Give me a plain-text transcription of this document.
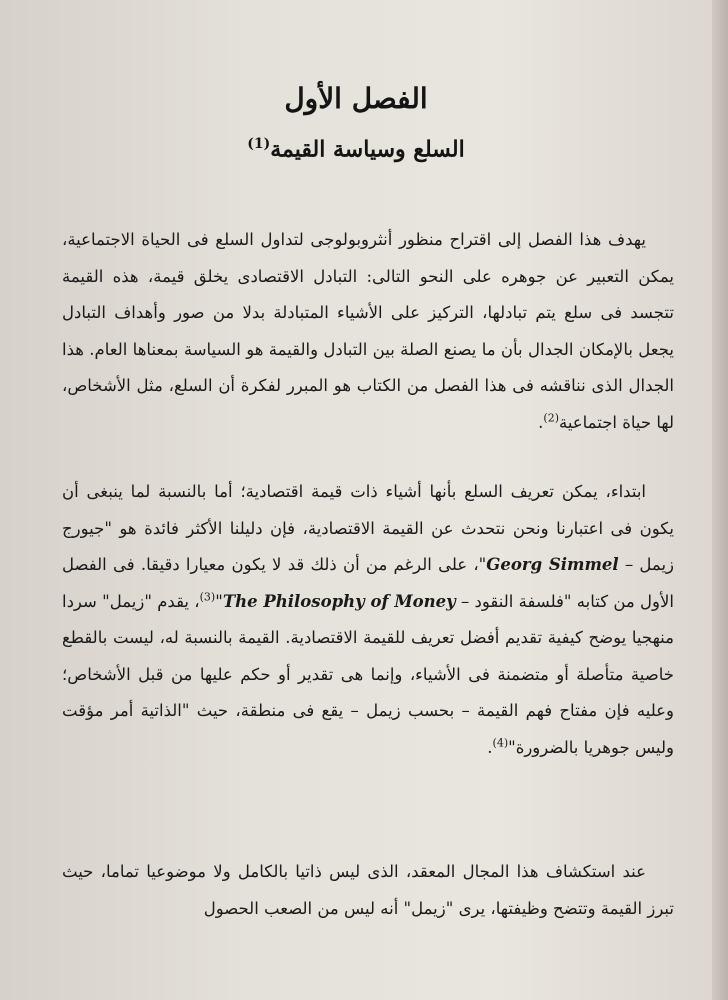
الفصل الأول
السلع وسياسة القيمة$^{(1)}$

يهدف هذا الفصل إلى اقتراح منظور أنثروبولوجى لتداول السلع فى الحياة الاجتماعية، يمكن التعبير عن جوهره على النحو التالى: التبادل الاقتصادى يخلق قيمة، هذه القيمة تتجسد فى سلع يتم تبادلها، التركيز على الأشياء المتبادلة بدلا من صور وأهداف التبادل يجعل بالإمكان الجدال بأن ما يصنع الصلة بين التبادل والقيمة هو السياسة بمعناها العام. هذا الجدال الذى نناقشه فى هذا الفصل من الكتاب هو المبرر لفكرة أن السلع، مثل الأشخاص، لها حياة اجتماعية$^{(2)}$.

ابتداء، يمكن تعريف السلع بأنها أشياء ذات قيمة اقتصادية؛ أما بالنسبة لما ينبغى أن يكون فى اعتبارنا ونحن نتحدث عن القيمة الاقتصادية، فإن دليلنا الأكثر فائدة هو "جيورج زيمل – Georg Simmel"، على الرغم من أن ذلك قد لا يكون معيارا دقيقا. فى الفصل الأول من كتابه "فلسفة النقود – The Philosophy of Money"$^{(3)}$، يقدم "زيمل" سردا منهجيا يوضح كيفية تقديم أفضل تعريف للقيمة الاقتصادية. القيمة بالنسبة له، ليست بالقطع خاصية متأصلة أو متضمنة فى الأشياء، وإنما هى تقدير أو حكم عليها من قبل الأشخاص؛ وعليه فإن مفتاح فهم القيمة – بحسب زيمل – يقع فى منطقة، حيث "الذاتية أمر مؤقت وليس جوهريا بالضرورة"$^{(4)}$.

عند استكشاف هذا المجال المعقد، الذى ليس ذاتيا بالكامل ولا موضوعيا تماما، حيث تبرز القيمة وتتضح وظيفتها، يرى "زيمل" أنه ليس من الصعب الحصول
